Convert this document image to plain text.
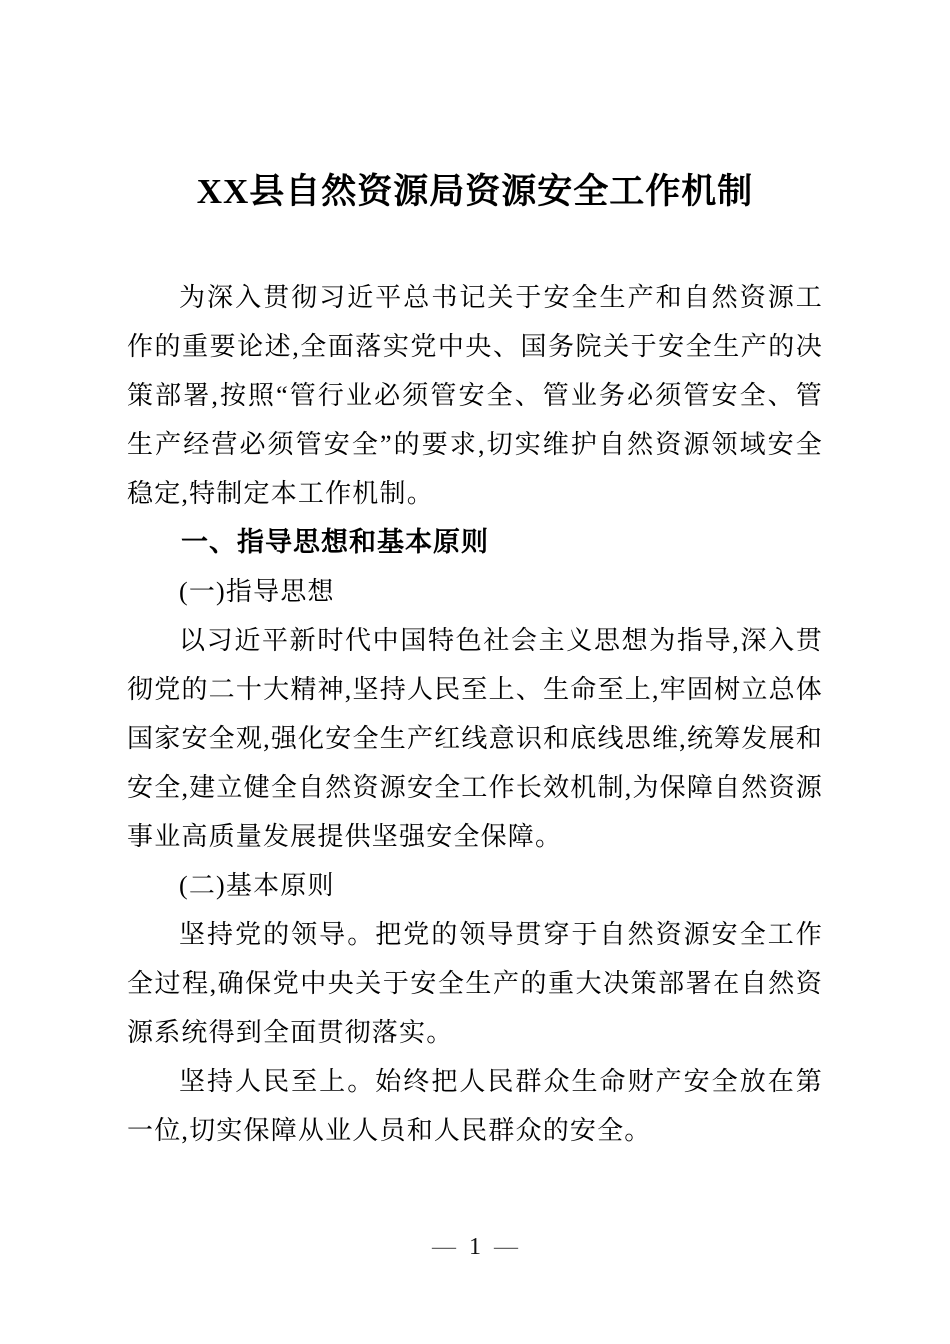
XX县自然资源局资源安全工作机制

为深入贯彻习近平总书记关于安全生产和自然资源工作的重要论述,全面落实党中央、国务院关于安全生产的决策部署,按照“管行业必须管安全、管业务必须管安全、管生产经营必须管安全”的要求,切实维护自然资源领域安全稳定,特制定本工作机制。

一、指导思想和基本原则

(一)指导思想

以习近平新时代中国特色社会主义思想为指导,深入贯彻党的二十大精神,坚持人民至上、生命至上,牢固树立总体国家安全观,强化安全生产红线意识和底线思维,统筹发展和安全,建立健全自然资源安全工作长效机制,为保障自然资源事业高质量发展提供坚强安全保障。

(二)基本原则

坚持党的领导。把党的领导贯穿于自然资源安全工作全过程,确保党中央关于安全生产的重大决策部署在自然资源系统得到全面贯彻落实。

坚持人民至上。始终把人民群众生命财产安全放在第一位,切实保障从业人员和人民群众的安全。

— 1 —
